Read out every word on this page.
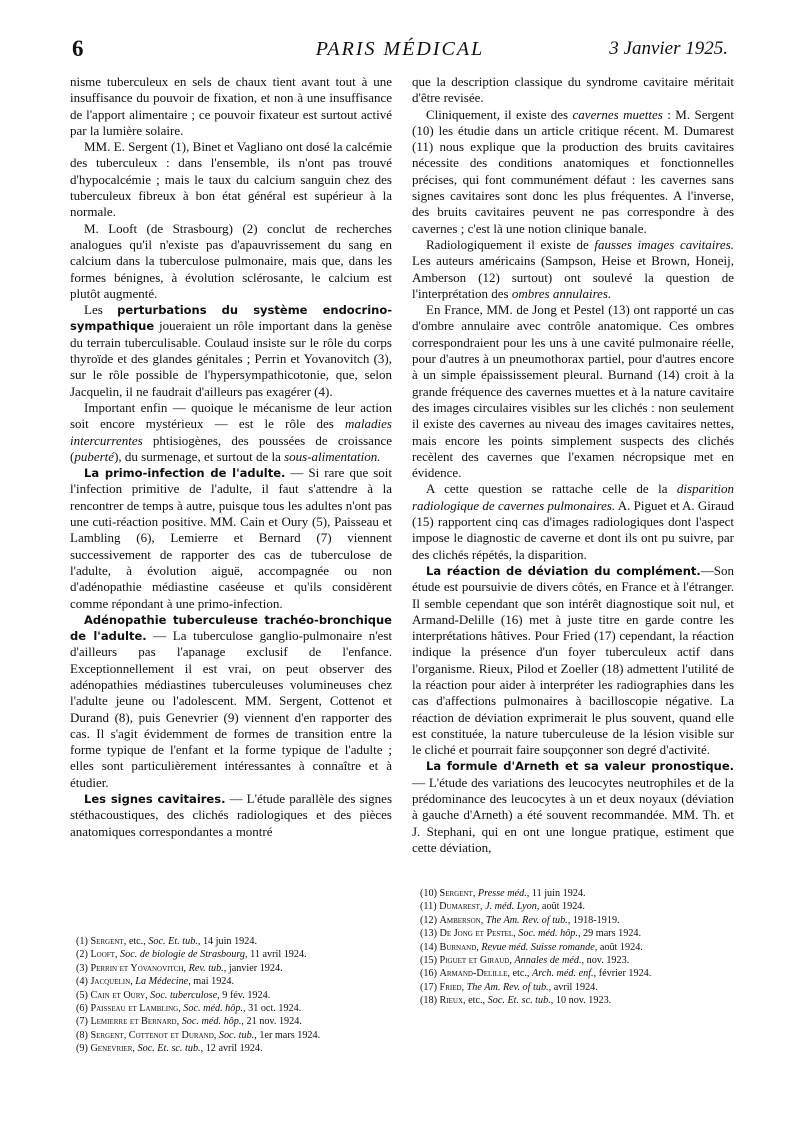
6	PARIS MÉDICAL	3 Janvier 1925.

nisme tuberculeux en sels de chaux tient avant tout à une insuffisance du pouvoir de fixation, et non à une insuffisance de l'apport alimentaire ; ce pouvoir fixateur est surtout activé par la lumière solaire.

MM. E. Sergent (1), Binet et Vagliano ont dosé la calcémie des tuberculeux : dans l'ensemble, ils n'ont pas trouvé d'hypocalcémie ; mais le taux du calcium sanguin chez des tuberculeux fibreux à bon état général est supérieur à la normale.

M. Looft (de Strasbourg) (2) conclut de recherches analogues qu'il n'existe pas d'apauvrissement du sang en calcium dans la tuberculose pulmonaire, mais que, dans les formes bénignes, à évolution sclérosante, le calcium est plutôt augmenté.

Les perturbations du système endocrino-sympathique joueraient un rôle important dans la genèse du terrain tuberculisable. Coulaud insiste sur le rôle du corps thyroïde et des glandes génitales ; Perrin et Yovanovitch (3), sur le rôle possible de l'hypersympathicotonie, que, selon Jacquelin, il ne faudrait d'ailleurs pas exagérer (4).

Important enfin — quoique le mécanisme de leur action soit encore mystérieux — est le rôle des maladies intercurrentes phtisiogènes, des poussées de croissance (puberté), du surmenage, et surtout de la sous-alimentation.

La primo-infection de l'adulte. — Si rare que soit l'infection primitive de l'adulte, il faut s'attendre à la rencontrer de temps à autre, puisque tous les adultes n'ont pas une cuti-réaction positive. MM. Cain et Oury (5), Paisseau et Lambling (6), Lemierre et Bernard (7) viennent successivement de rapporter des cas de tuberculose de l'adulte, à évolution aiguë, accompagnée ou non d'adénopathie médiastine caséeuse et qu'ils considèrent comme répondant à une primo-infection.

Adénopathie tuberculeuse trachéo-bronchique de l'adulte. — La tuberculose ganglio-pulmonaire n'est d'ailleurs pas l'apanage exclusif de l'enfance. Exceptionnellement il est vrai, on peut observer des adénopathies médiastines tuberculeuses volumineuses chez l'adulte jeune ou l'adolescent. MM. Sergent, Cottenot et Durand (8), puis Genevrier (9) viennent d'en rapporter des cas. Il s'agit évidemment de formes de transition entre la forme typique de l'enfant et la forme typique de l'adulte ; elles sont particulièrement intéressantes à connaître et à étudier.

Les signes cavitaires. — L'étude parallèle des signes stéthacoustiques, des clichés radiologiques et des pièces anatomiques correspondantes a montré

que la description classique du syndrome cavitaire méritait d'être revisée.

Cliniquement, il existe des cavernes muettes : M. Sergent (10) les étudie dans un article critique récent. M. Dumarest (11) nous explique que la production des bruits cavitaires nécessite des conditions anatomiques et fonctionnelles précises, qui font communément défaut : les cavernes sans signes cavitaires sont donc les plus fréquentes. A l'inverse, des bruits cavitaires peuvent ne pas correspondre à des cavernes ; c'est là une notion clinique banale.

Radiologiquement il existe de fausses images cavitaires. Les auteurs américains (Sampson, Heise et Brown, Honeij, Amberson (12) surtout) ont soulevé la question de l'interprétation des ombres annulaires.

En France, MM. de Jong et Pestel (13) ont rapporté un cas d'ombre annulaire avec contrôle anatomique. Ces ombres correspondraient pour les uns à une cavité pulmonaire réelle, pour d'autres à un pneumothorax partiel, pour d'autres encore à un simple épaississement pleural. Burnand (14) croit à la grande fréquence des cavernes muettes et à la nature cavitaire des images circulaires visibles sur les clichés : non seulement il existe des cavernes au niveau des images cavitaires nettes, mais encore les points simplement suspects des clichés recèlent des cavernes que l'examen nécropsique met en évidence.

A cette question se rattache celle de la disparition radiologique de cavernes pulmonaires. A. Piguet et A. Giraud (15) rapportent cinq cas d'images radiologiques dont l'aspect impose le diagnostic de caverne et dont ils ont pu suivre, par des clichés répétés, la disparition.

La réaction de déviation du complément.—Son étude est poursuivie de divers côtés, en France et à l'étranger. Il semble cependant que son intérêt diagnostique soit nul, et Armand-Delille (16) met à juste titre en garde contre les interprétations hâtives. Pour Fried (17) cependant, la réaction indique la présence d'un foyer tuberculeux actif dans l'organisme. Rieux, Pilod et Zoeller (18) admettent l'utilité de la réaction pour aider à interpréter les radiographies dans les cas d'affections pulmonaires à bacilloscopie négative. La réaction de déviation exprimerait le plus souvent, quand elle est constituée, la nature tuberculeuse de la lésion visible sur le cliché et pourrait faire soupçonner son degré d'activité.

La formule d'Arneth et sa valeur pronostique. — L'étude des variations des leucocytes neutrophiles et de la prédominance des leucocytes à un et deux noyaux (déviation à gauche d'Arneth) a été souvent recommandée. MM. Th. et J. Stephani, qui en ont une longue pratique, estiment que cette déviation,

(1) Sergent, etc., Soc. Et. tub., 14 juin 1924.
(2) Looft, Soc. de biologie de Strasbourg, 11 avril 1924.
(3) Perrin et Yovanovitch, Rev. tub., janvier 1924.
(4) Jacquelin, La Médecine, mai 1924.
(5) Cain et Oury, Soc. tuberculose, 9 fév. 1924.
(6) Paisseau et Lambling, Soc. méd. hôp., 31 oct. 1924.
(7) Lemierre et Bernard, Soc. méd. hôp., 21 nov. 1924.
(8) Sergent, Cottenot et Durand, Soc. tub., 1er mars 1924.
(9) Genevrier, Soc. Et. sc. tub., 12 avril 1924.
(10) Sergent, Presse méd., 11 juin 1924.
(11) Dumarest, J. méd. Lyon, août 1924.
(12) Amberson, The Am. Rev. of tub., 1918-1919.
(13) De Jong et Pestel, Soc. méd. hôp., 29 mars 1924.
(14) Burnand, Revue méd. Suisse romande, août 1924.
(15) Piguet et Giraud, Annales de méd., nov. 1923.
(16) Armand-Delille, etc., Arch. méd. enf., février 1924.
(17) Fried, The Am. Rev. of tub., avril 1924.
(18) Rieux, etc., Soc. Et. sc. tub., 10 nov. 1923.
